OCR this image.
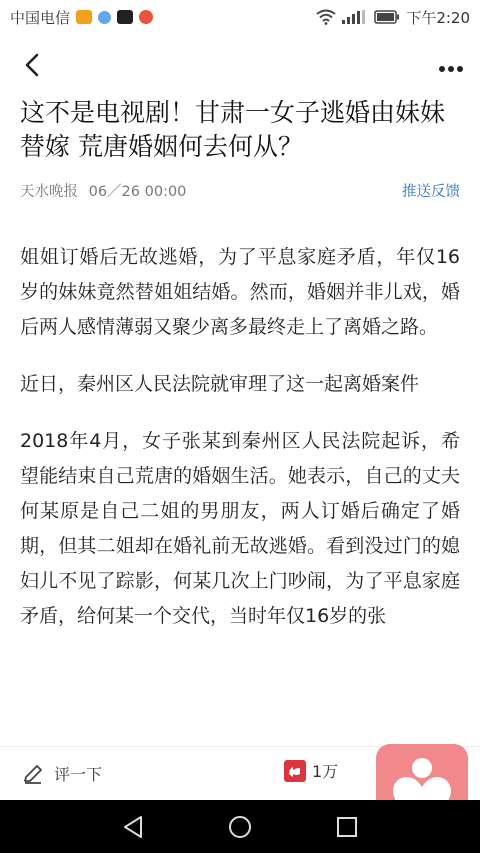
中国电信	下午2:20
这不是电视剧！甘肃一女子逃婚由妹妹替嫁 荒唐婚姻何去何从？
天水晚报 06／26 00:00	推送反馈

姐姐订婚后无故逃婚，为了平息家庭矛盾，年仅16岁的妹妹竟然替姐姐结婚。然而，婚姻并非儿戏，婚后两人感情薄弱又聚少离多最终走上了离婚之路。

近日，秦州区人民法院就审理了这一起离婚案件

2018年4月，女子张某到秦州区人民法院起诉，希望能结束自己荒唐的婚姻生活。她表示，自己的丈夫何某原是自己二姐的男朋友，两人订婚后确定了婚期，但其二姐却在婚礼前无故逃婚。看到没过门的媳妇儿不见了踪影，何某几次上门吵闹，为了平息家庭矛盾，给何某一个交代，当时年仅16岁的张

评一下	1万
